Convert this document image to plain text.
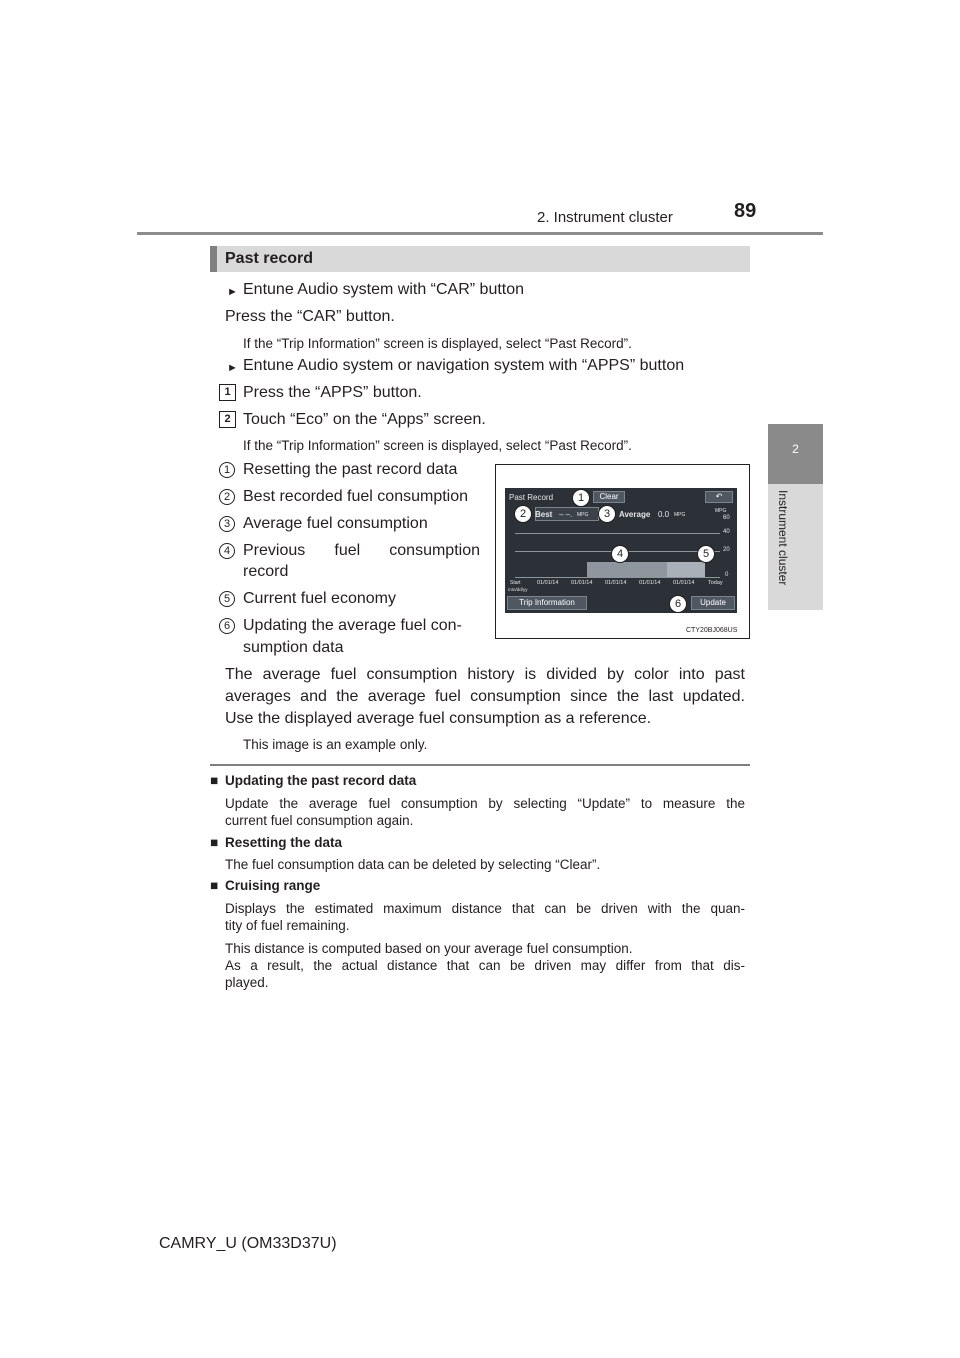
2. Instrument cluster	89
2
Instrument cluster
Past record
► Entune Audio system with “CAR” button
Press the “CAR” button.
If the “Trip Information” screen is displayed, select “Past Record”.
► Entune Audio system or navigation system with “APPS” button
1 Press the “APPS” button.
2 Touch “Eco” on the “Apps” screen.
If the “Trip Information” screen is displayed, select “Past Record”.
1 Resetting the past record data
2 Best recorded fuel consumption
3 Average fuel consumption
4 Previous fuel consumption
record
5 Current fuel economy
6 Updating the average fuel con-
sumption data
Past Record	Clear	↶
Best – –. MPG	Average 0.0 MPG
MPG
60
40
20
0
Start
mm/dd/yy
01/01/14 01/01/14 01/01/14 01/01/14 01/01/14 Today
Trip Information	Update
1
2	3
4	5
6
CTY20BJ068US
The average fuel consumption history is divided by color into past
averages and the average fuel consumption since the last updated.
Use the displayed average fuel consumption as a reference.
This image is an example only.
■ Updating the past record data
Update the average fuel consumption by selecting “Update” to measure the
current fuel consumption again.
■ Resetting the data
The fuel consumption data can be deleted by selecting “Clear”.
■ Cruising range
Displays the estimated maximum distance that can be driven with the quan-
tity of fuel remaining.
This distance is computed based on your average fuel consumption.
As a result, the actual distance that can be driven may differ from that dis-
played.
CAMRY_U (OM33D37U)
